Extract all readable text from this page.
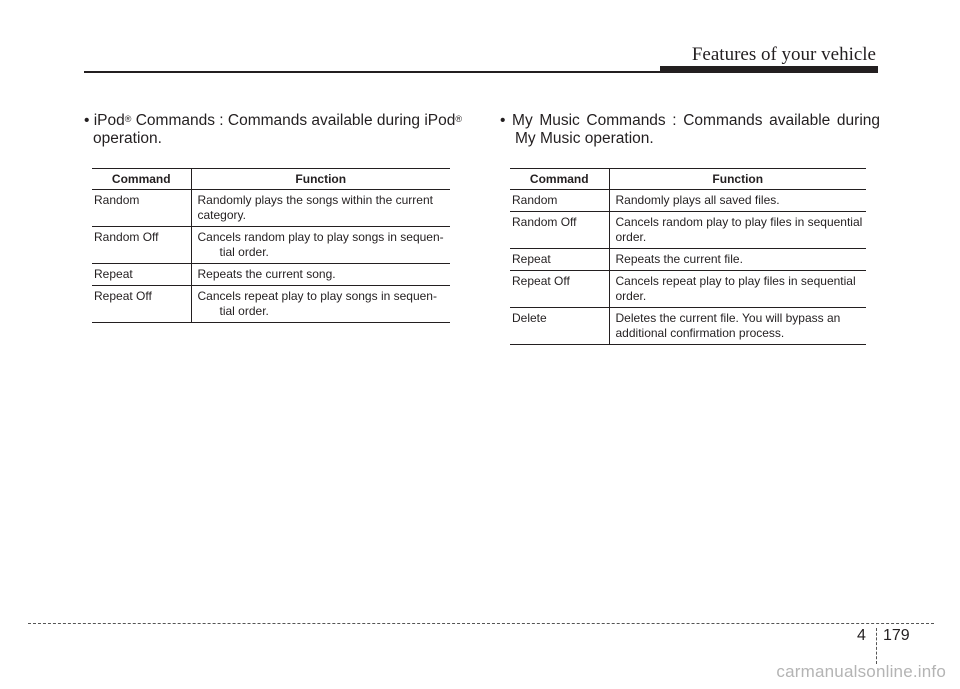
Features of your vehicle
• iPod® Commands : Commands available during iPod®
operation.
• My Music Commands : Commands available during
My Music operation.
Command	Function
Random	Randomly plays the songs within the current
category.

Random Off	Cancels random play to play songs in sequen-
tial order.

Repeat	Repeats the current song.
Repeat Off	Cancels repeat play to play songs in sequen-
tial order.
Command	Function
Random	Randomly plays all saved files.
Random Off	Cancels random play to play files in sequential
order.

Repeat	Repeats the current file.
Repeat Off	Cancels repeat play to play files in sequential
order.

Delete	Deletes the current file. You will bypass an
additional confirmation process.
4 179
carmanualsonline.info
